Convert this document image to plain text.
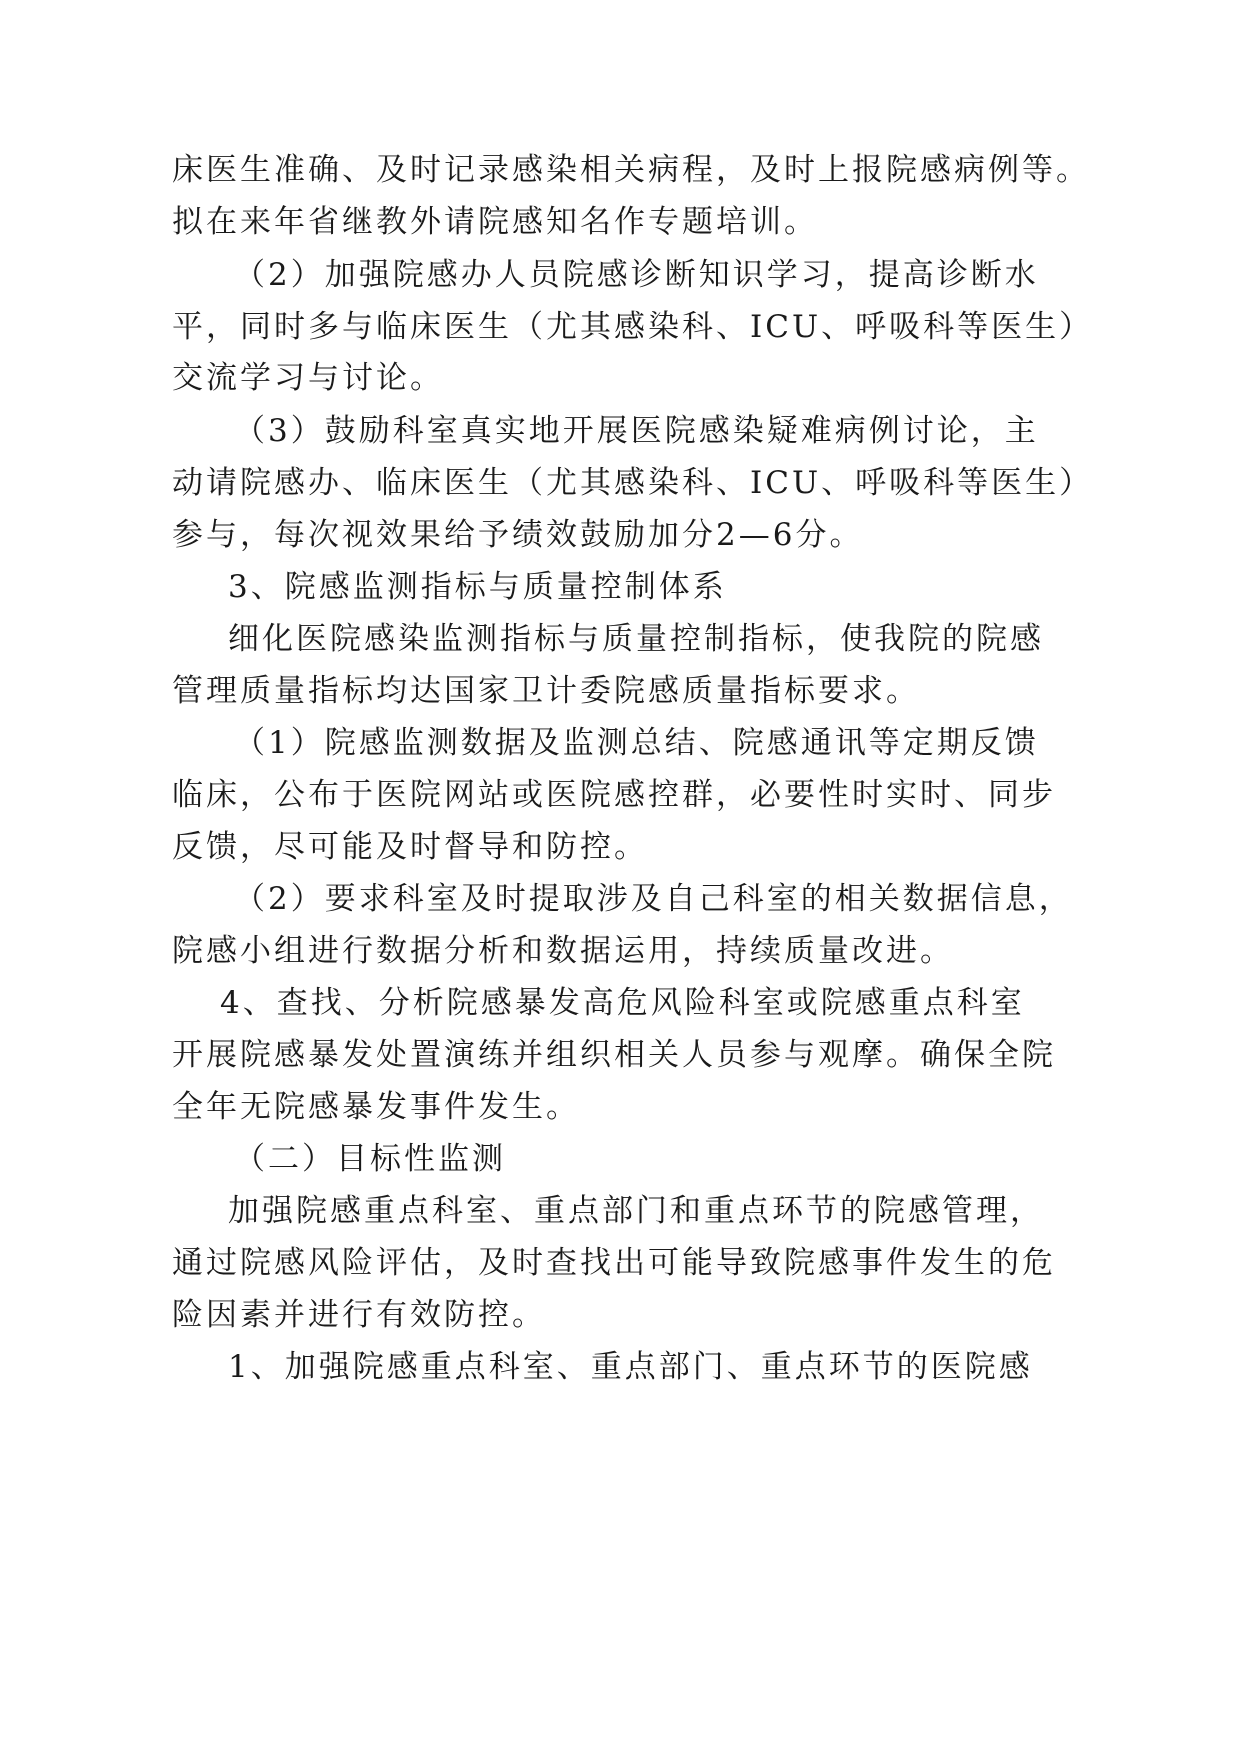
床医生准确、及时记录感染相关病程，及时上报院感病例等。

拟在来年省继教外请院感知名作专题培训。

（2）加强院感办人员院感诊断知识学习，提高诊断水

平，同时多与临床医生（尤其感染科、ICU、呼吸科等医生）

交流学习与讨论。

（3）鼓励科室真实地开展医院感染疑难病例讨论，主

动请院感办、临床医生（尤其感染科、ICU、呼吸科等医生）

参与，每次视效果给予绩效鼓励加分2—6分。

3、院感监测指标与质量控制体系

细化医院感染监测指标与质量控制指标，使我院的院感

管理质量指标均达国家卫计委院感质量指标要求。

（1）院感监测数据及监测总结、院感通讯等定期反馈

临床，公布于医院网站或医院感控群，必要性时实时、同步

反馈，尽可能及时督导和防控。

（2）要求科室及时提取涉及自己科室的相关数据信息，

院感小组进行数据分析和数据运用，持续质量改进。

4、查找、分析院感暴发高危风险科室或院感重点科室

开展院感暴发处置演练并组织相关人员参与观摩。确保全院

全年无院感暴发事件发生。

（二）目标性监测

加强院感重点科室、重点部门和重点环节的院感管理，

通过院感风险评估，及时查找出可能导致院感事件发生的危

险因素并进行有效防控。

1、加强院感重点科室、重点部门、重点环节的医院感
